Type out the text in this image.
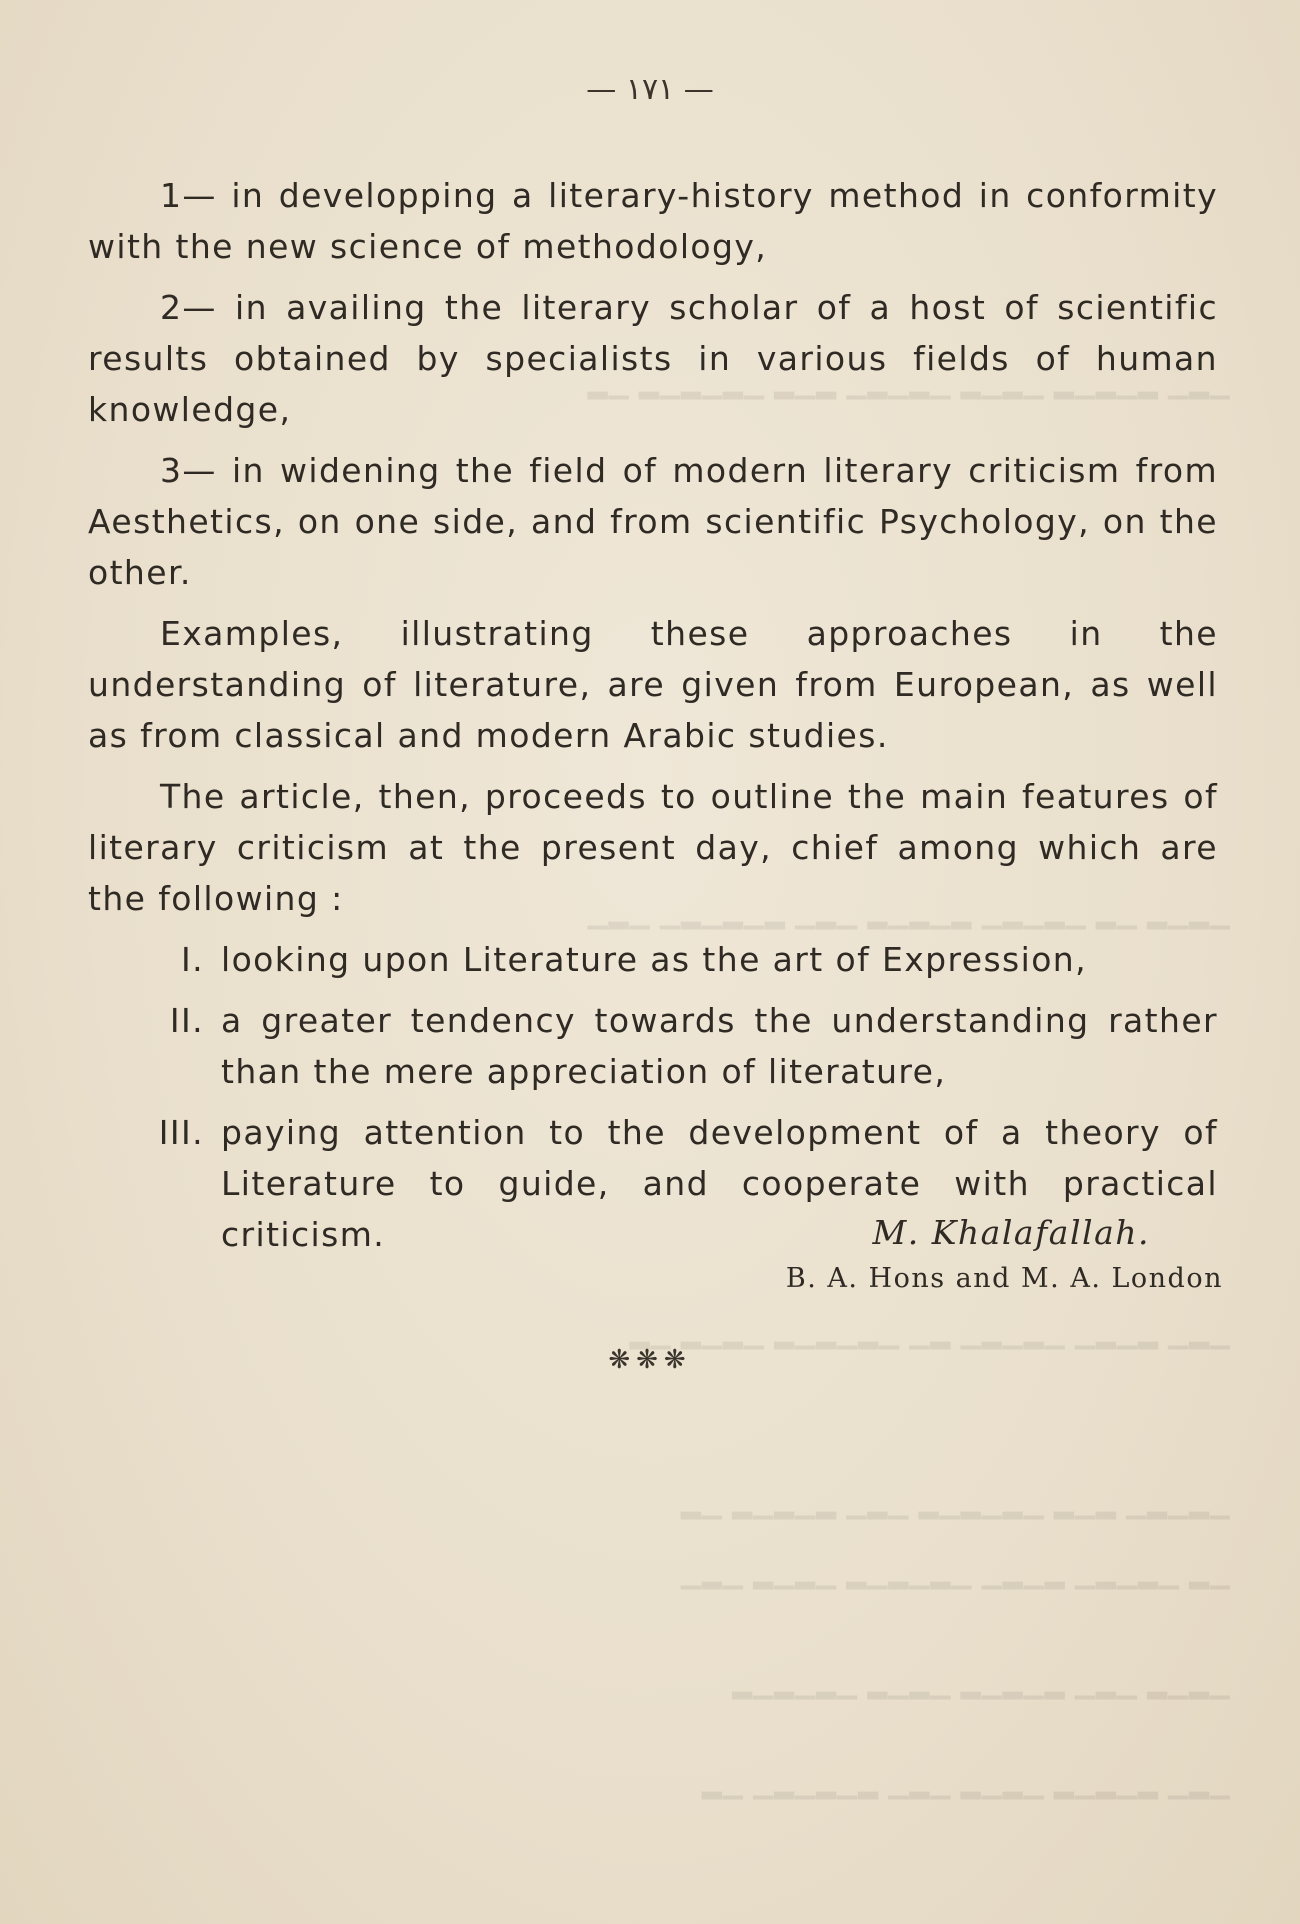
▁▂▁ ▂▁▂▁▂ ▁▂▁▂ ▁▂▁▂▁ ▂▁▂ ▁▂▁▂▁▂ ▁▂
▁▂▁▂ ▁▂ ▁▂▁▂▁ ▂▁▂▁▂ ▁▂▁ ▂▁▂▁▂▁ ▁▂▁
▁▂▁ ▂▁▂▁ ▁▂▁▂▁ ▂▁ ▁▂▁▂▁▂ ▁▂▁▂ ▁▂
▁▂▁▂▁ ▂▁▂ ▁▂▁▂▁▂ ▁▂▁ ▂▁▂▁▂ ▁▂
▁▂ ▁▂▁▂▁ ▂▁▂▁ ▁▂▁▂▁▂ ▁▂▁▂ ▁▂▁
▁▂▁▂ ▁▂▁ ▂▁▂▁▂ ▁▂▁▂ ▁▂▁▂▁▂
▁▂▁ ▂▁▂▁▂ ▁▂▁▂ ▁▂▁ ▂▁▂▁▂▁ ▁▂
— ١٧١ —

1— in developping a literary-history method in conformity with the new science of methodology,

2— in availing the literary scholar of a host of scientific results obtained by specialists in various fields of human knowledge,

3— in widening the field of modern literary criticism from Aesthetics, on one side, and from scientific Psychology, on the other.

Examples, illustrating these approaches in the understanding of literature, are given from European, as well as from classical and modern Arabic studies.

The article, then, proceeds to outline the main features of literary criticism at the present day, chief among which are the following :

I. looking upon Literature as the art of Expression,
II. a greater tendency towards the understanding rather than the mere appreciation of literature,
III. paying attention to the development of a theory of Literature to guide, and cooperate with practical criticism.	M. Khalafallah.
B. A. Hons and M. A. London
❋❋❋
